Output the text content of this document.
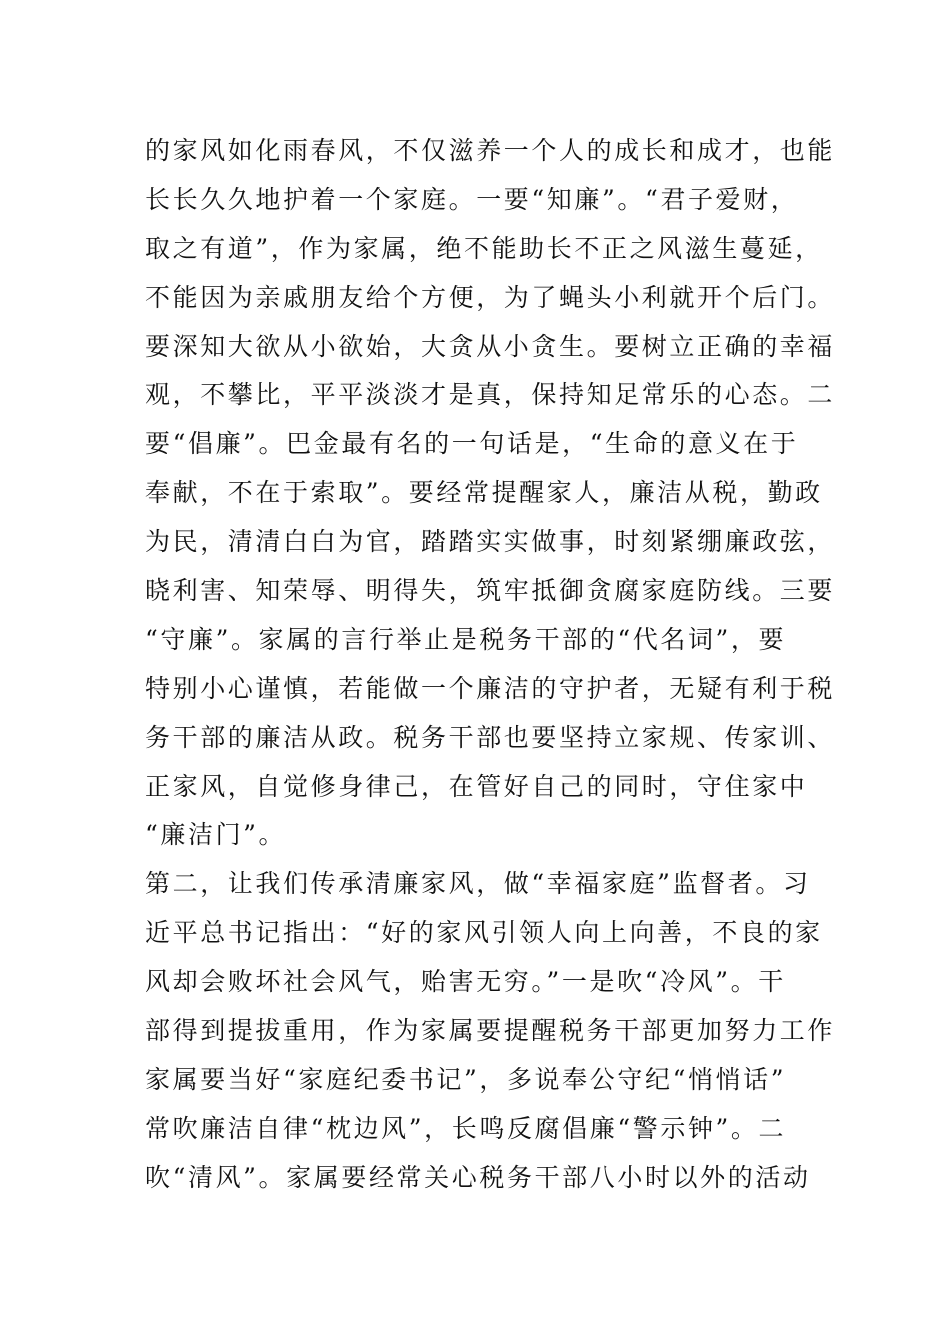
的家风如化雨春风，不仅滋养一个人的成长和成才，也能
长长久久地护着一个家庭。一要“知廉”。“君子爱财，
取之有道”，作为家属，绝不能助长不正之风滋生蔓延，
不能因为亲戚朋友给个方便，为了蝇头小利就开个后门。
要深知大欲从小欲始，大贪从小贪生。要树立正确的幸福
观，不攀比，平平淡淡才是真，保持知足常乐的心态。二
要“倡廉”。巴金最有名的一句话是，“生命的意义在于
奉献，不在于索取”。要经常提醒家人，廉洁从税，勤政
为民，清清白白为官，踏踏实实做事，时刻紧绷廉政弦，
晓利害、知荣辱、明得失，筑牢抵御贪腐家庭防线。三要
“守廉”。家属的言行举止是税务干部的“代名词”，要
特别小心谨慎，若能做一个廉洁的守护者，无疑有利于税
务干部的廉洁从政。税务干部也要坚持立家规、传家训、
正家风，自觉修身律己，在管好自己的同时，守住家中
“廉洁门”。
第二，让我们传承清廉家风，做“幸福家庭”监督者。习
近平总书记指出：“好的家风引领人向上向善，不良的家
风却会败坏社会风气，贻害无穷。”一是吹“冷风”。干
部得到提拔重用，作为家属要提醒税务干部更加努力工作
家属要当好“家庭纪委书记”，多说奉公守纪“悄悄话”
常吹廉洁自律“枕边风”，长鸣反腐倡廉“警示钟”。二
吹“清风”。家属要经常关心税务干部八小时以外的活动
